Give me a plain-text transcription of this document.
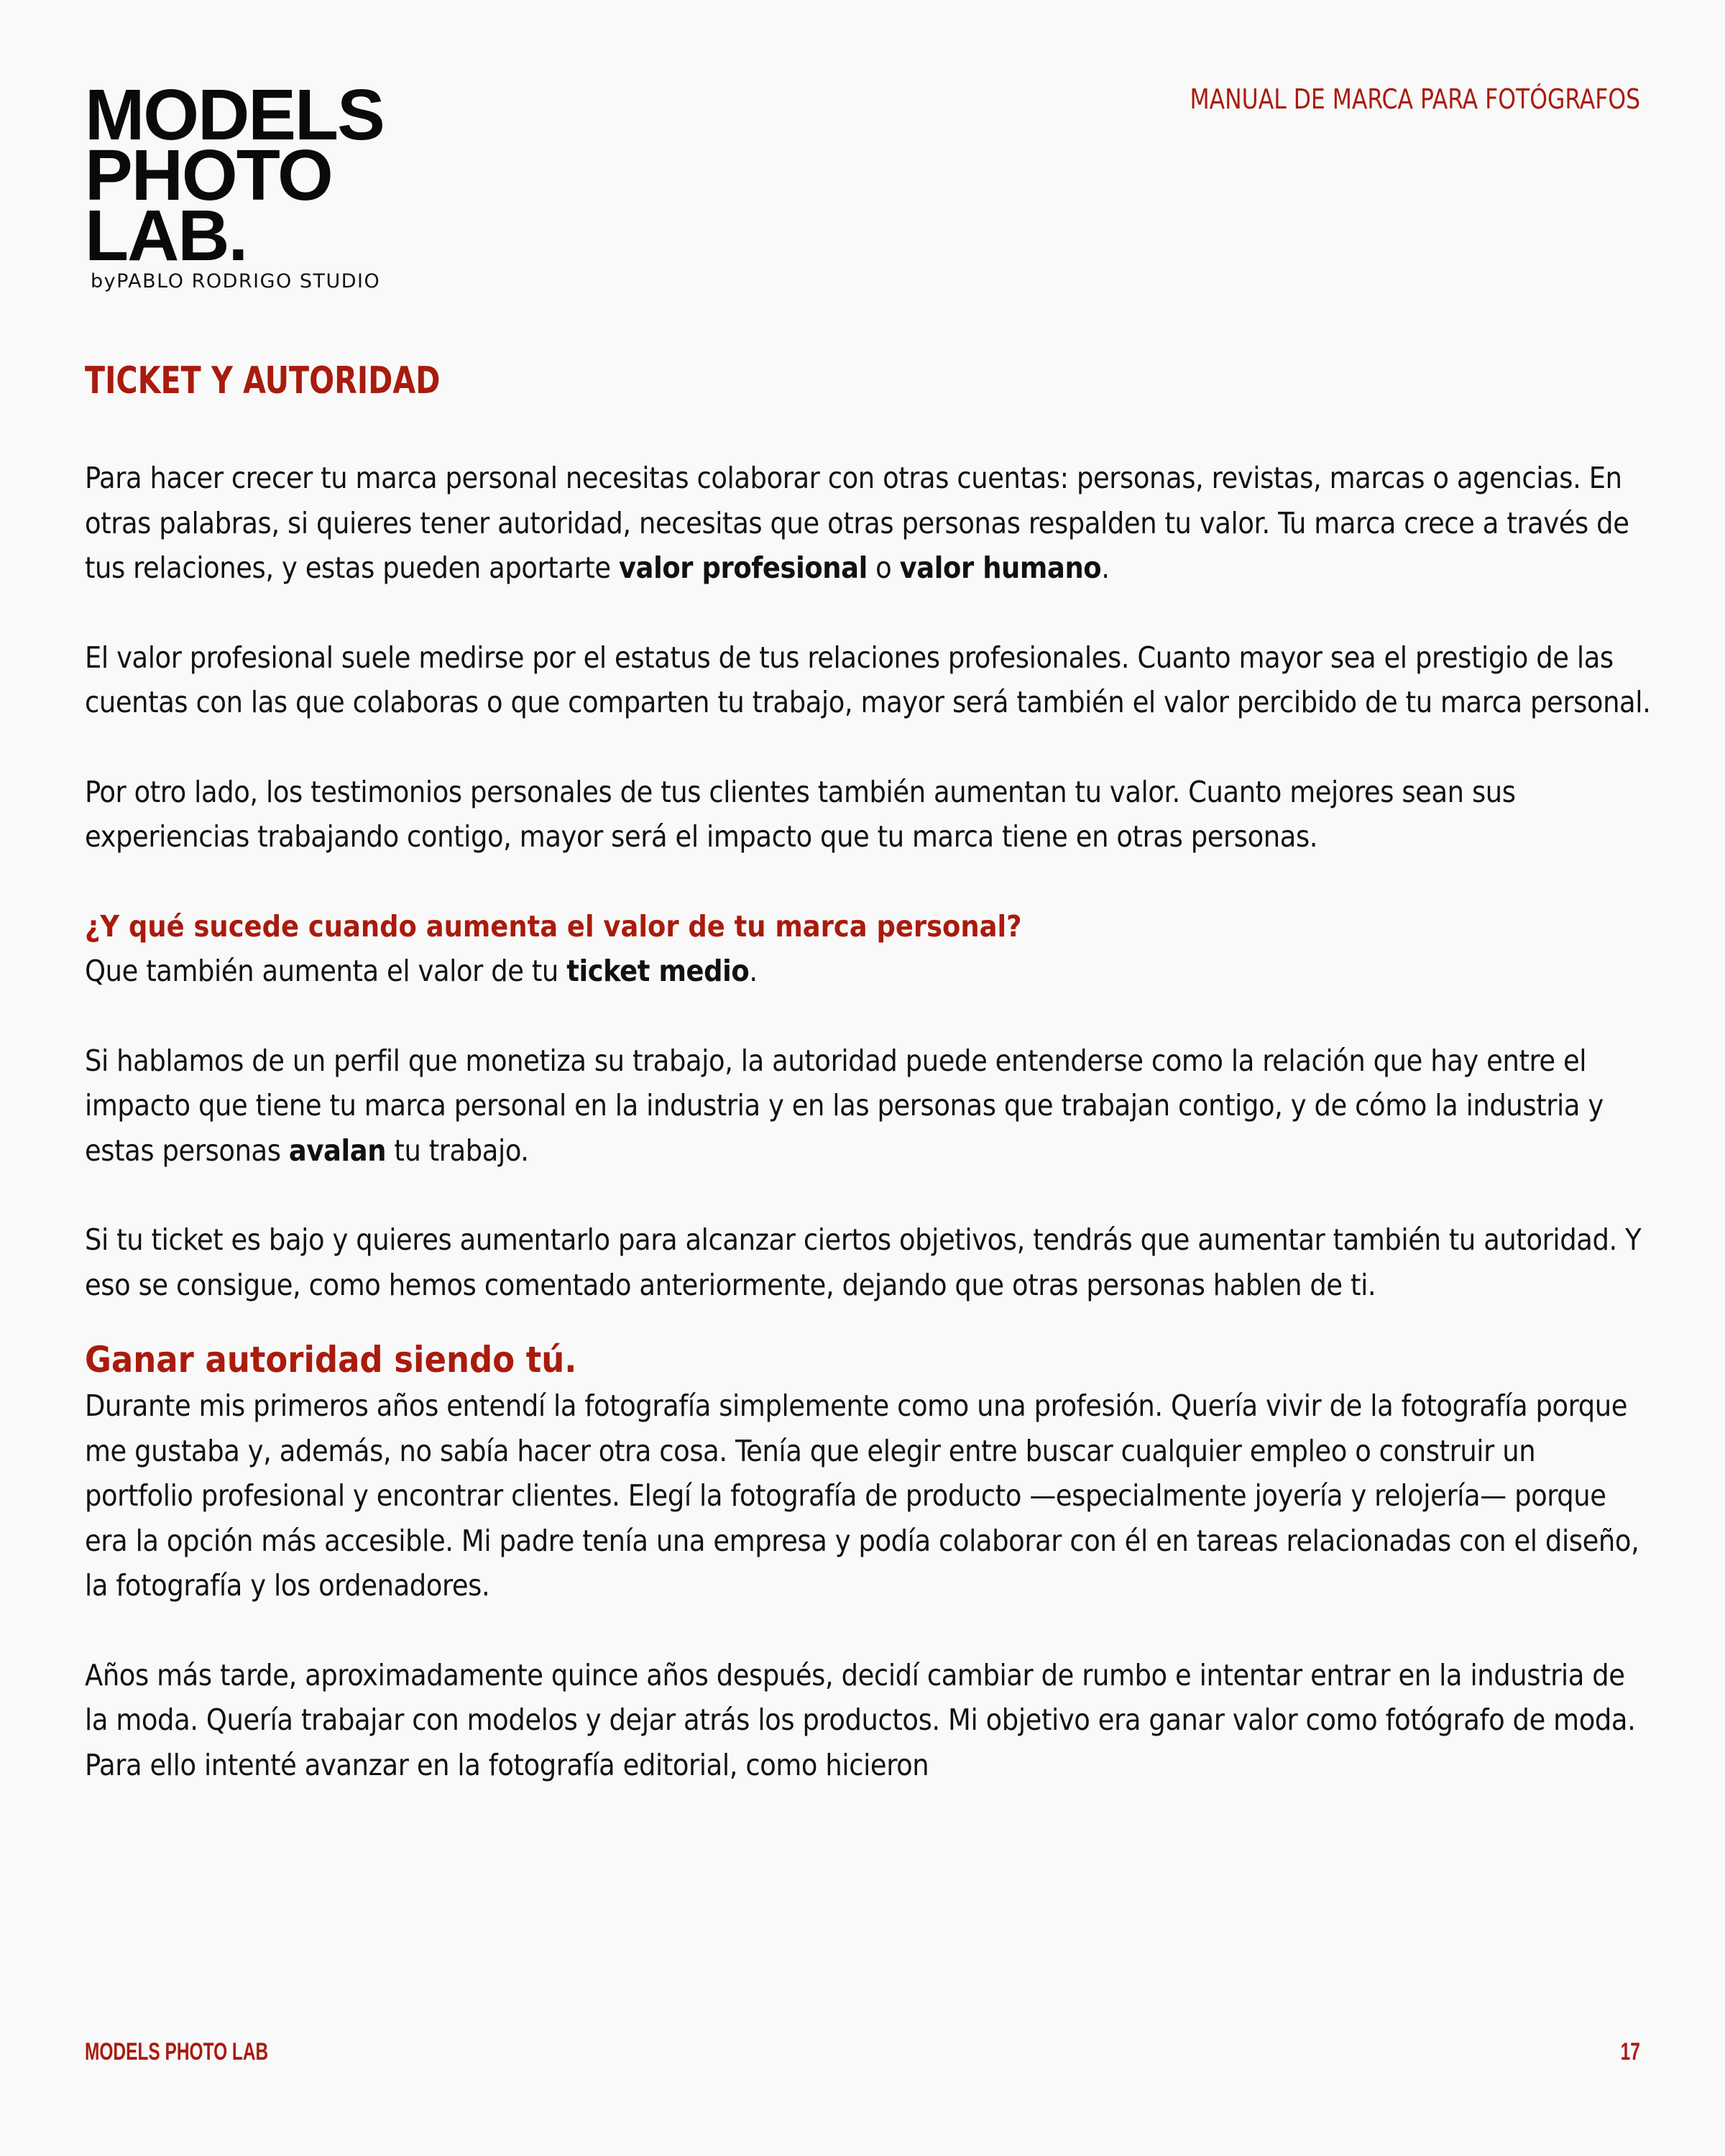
MODELS
PHOTO
LAB.
byPABLO RODRIGO STUDIO
MANUAL DE MARCA PARA FOTÓGRAFOS
TICKET Y AUTORIDAD

Para hacer crecer tu marca personal necesitas colaborar con otras cuentas: personas, revistas, marcas o agencias. En otras palabras, si quieres tener autoridad, necesitas que otras personas respalden tu valor. Tu marca crece a través de tus relaciones, y estas pueden aportarte valor profesional o valor humano.

El valor profesional suele medirse por el estatus de tus relaciones profesionales. Cuanto mayor sea el prestigio de las cuentas con las que colaboras o que comparten tu trabajo, mayor será también el valor percibido de tu marca personal.

Por otro lado, los testimonios personales de tus clientes también aumentan tu valor. Cuanto mejores sean sus experiencias trabajando contigo, mayor será el impacto que tu marca tiene en otras personas.

¿Y qué sucede cuando aumenta el valor de tu marca personal?
Que también aumenta el valor de tu ticket medio.

Si hablamos de un perfil que monetiza su trabajo, la autoridad puede entenderse como la relación que hay entre el impacto que tiene tu marca personal en la industria y en las personas que trabajan contigo, y de cómo la industria y estas personas avalan tu trabajo.

Si tu ticket es bajo y quieres aumentarlo para alcanzar ciertos objetivos, tendrás que aumentar también tu autoridad. Y eso se consigue, como hemos comentado anteriormente, dejando que otras personas hablen de ti.

Ganar autoridad siendo tú.

Durante mis primeros años entendí la fotografía simplemente como una profesión. Quería vivir de la fotografía porque me gustaba y, además, no sabía hacer otra cosa. Tenía que elegir entre buscar cualquier empleo o construir un portfolio profesional y encontrar clientes. Elegí la fotografía de producto —especialmente joyería y relojería— porque era la opción más accesible. Mi padre tenía una empresa y podía colaborar con él en tareas relacionadas con el diseño, la fotografía y los ordenadores.

Años más tarde, aproximadamente quince años después, decidí cambiar de rumbo e intentar entrar en la industria de la moda. Quería trabajar con modelos y dejar atrás los productos. Mi objetivo era ganar valor como fotógrafo de moda. Para ello intenté avanzar en la fotografía editorial, como hicieron

MODELS PHOTO LAB	17
